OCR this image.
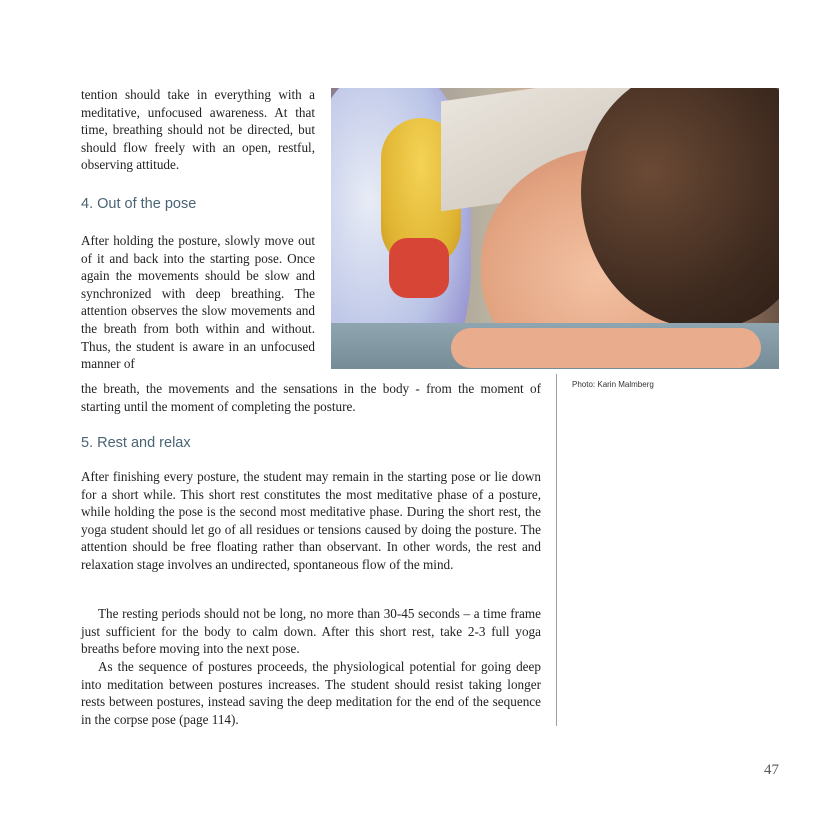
tention should take in everything with a meditative, unfocused awareness. At that time, breathing should not be directed, but should flow freely with an open, restful, observing attitude.

4. Out of the pose

After holding the posture, slowly move out of it and back into the starting pose. Once again the movements should be slow and synchronized with deep breathing. The attention observes the slow movements and the breath from both within and without. Thus, the student is aware in an unfocused manner of

the breath, the movements and the sensations in the body - from the moment of starting until the moment of completing the posture.

5. Rest and relax

After finishing every posture, the student may remain in the starting pose or lie down for a short while. This short rest constitutes the most meditative phase of a posture, while holding the pose is the second most meditative phase. During the short rest, the yoga student should let go of all residues or tensions caused by doing the posture. The attention should be free floating rather than observant. In other words, the rest and relaxation stage involves an undirected, spontaneous flow of the mind.

The resting periods should not be long, no more than 30-45 seconds – a time frame just sufficient for the body to calm down. After this short rest, take 2-3 full yoga breaths before moving into the next pose.

As the sequence of postures proceeds, the physiological potential for going deep into meditation between postures increases. The student should resist taking longer rests between postures, instead saving the deep meditation for the end of the sequence in the corpse pose (page 114).

Photo: Karin Malmberg

47
